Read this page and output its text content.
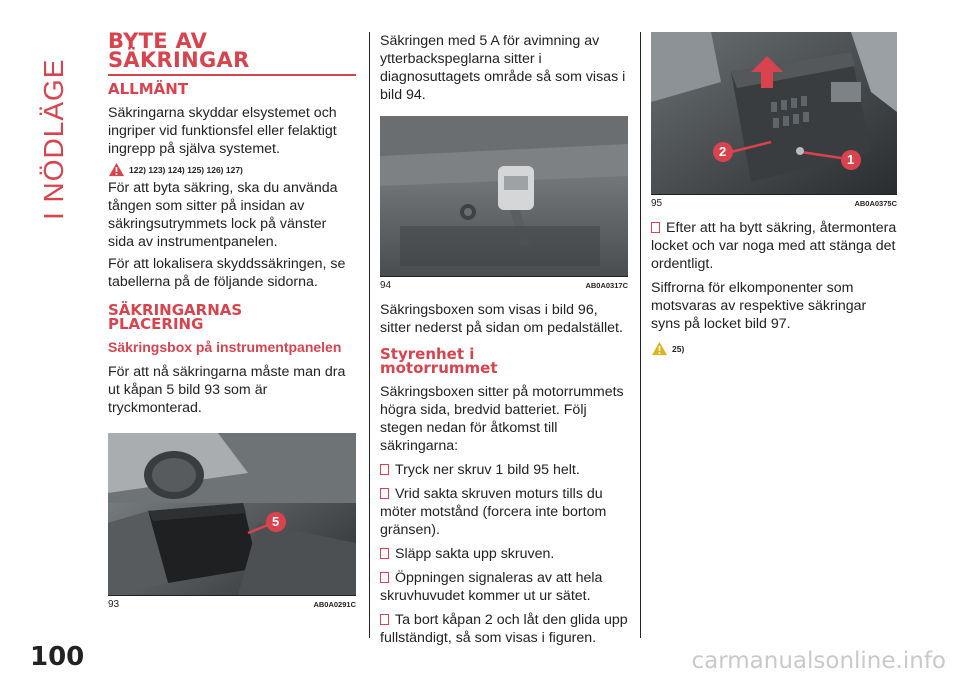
I NÖDLÄGE
BYTE AV
SÄKRINGAR
ALLMÄNT

Säkringarna skyddar elsystemet och ingriper vid funktionsfel eller felaktigt ingrepp på själva systemet.

122) 123) 124) 125) 126) 127)

För att byta säkring, ska du använda tången som sitter på insidan av säkringsutrymmets lock på vänster sida av instrumentpanelen.

För att lokalisera skyddssäkringen, se tabellerna på de följande sidorna.

SÄKRINGARNAS
PLACERING
Säkringsbox på instrumentpanelen

För att nå säkringarna måste man dra ut kåpan 5 bild 93 som är tryckmonterad.

5
93	AB0A0291C

Säkringen med 5 A för avimning av ytterbackspeglarna sitter i diagnosuttagets område så som visas i bild 94.

94	AB0A0317C

Säkringsboxen som visas i bild 96, sitter nederst på sidan om pedalstället.

Styrenhet i
motorrummet

Säkringsboxen sitter på motorrummets högra sida, bredvid batteriet. Följ stegen nedan för åtkomst till säkringarna:

Tryck ner skruv 1 bild 95 helt.
Vrid sakta skruven moturs tills du möter motstånd (forcera inte bortom gränsen).
Släpp sakta upp skruven.
Öppningen signaleras av att hela skruvhuvudet kommer ut ur sätet.
Ta bort kåpan 2 och låt den glida upp fullständigt, så som visas i figuren.
2
1
95	AB0A0375C
Efter att ha bytt säkring, återmontera locket och var noga med att stänga det ordentligt.

Siffrorna för elkomponenter som motsvaras av respektive säkringar syns på locket bild 97.

25)
100	carmanualsonline.info
